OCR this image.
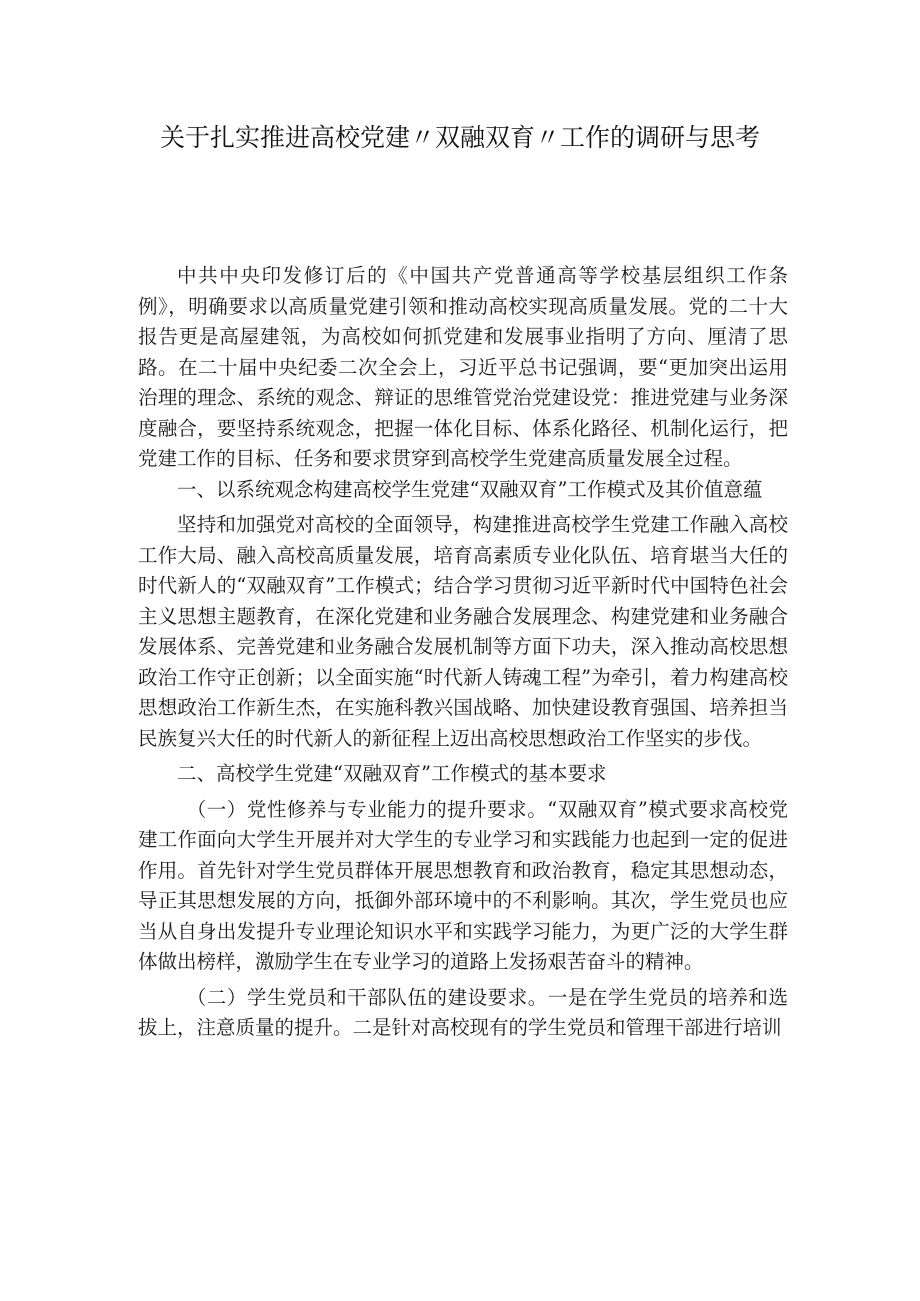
关于扎实推进高校党建〃双融双育〃工作的调研与思考

中共中央印发修订后的《中国共产党普通高等学校基层组织工作条例》，明确要求以高质量党建引领和推动高校实现高质量发展。党的二十大报告更是高屋建瓴，为高校如何抓党建和发展事业指明了方向、厘清了思路。在二十届中央纪委二次全会上，习近平总书记强调，要“更加突出运用治理的理念、系统的观念、辩证的思维管党治党建设党：推进党建与业务深度融合，要坚持系统观念，把握一体化目标、体系化路径、机制化运行，把党建工作的目标、任务和要求贯穿到高校学生党建高质量发展全过程。

一、以系统观念构建高校学生党建“双融双育”工作模式及其价值意蕴

坚持和加强党对高校的全面领导，构建推进高校学生党建工作融入高校工作大局、融入高校高质量发展，培育高素质专业化队伍、培育堪当大任的时代新人的“双融双育”工作模式；结合学习贯彻习近平新时代中国特色社会主义思想主题教育，在深化党建和业务融合发展理念、构建党建和业务融合发展体系、完善党建和业务融合发展机制等方面下功夫，深入推动高校思想政治工作守正创新；以全面实施“时代新人铸魂工程”为牵引，着力构建高校思想政治工作新生杰，在实施科教兴国战略、加快建设教育强国、培养担当民族复兴大任的时代新人的新征程上迈出高校思想政治工作坚实的步伐。

二、高校学生党建“双融双育”工作模式的基本要求

（一）党性修养与专业能力的提升要求。“双融双育”模式要求高校党建工作面向大学生开展并对大学生的专业学习和实践能力也起到一定的促进作用。首先针对学生党员群体开展思想教育和政治教育，稳定其思想动态，导正其思想发展的方向，抵御外部环境中的不利影响。其次，学生党员也应当从自身出发提升专业理论知识水平和实践学习能力，为更广泛的大学生群体做出榜样，激励学生在专业学习的道路上发扬艰苦奋斗的精神。

（二）学生党员和干部队伍的建设要求。一是在学生党员的培养和选拔上，注意质量的提升。二是针对高校现有的学生党员和管理干部进行培训
